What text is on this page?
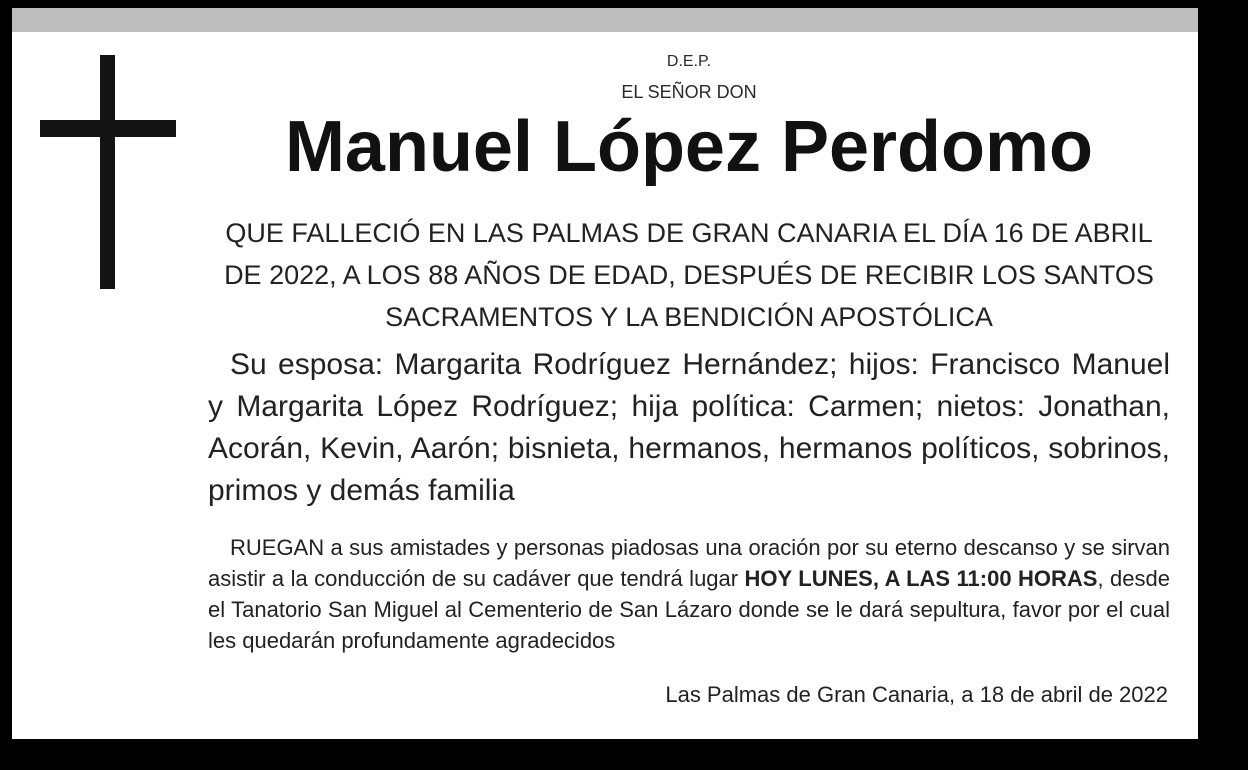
D.E.P.
EL SEÑOR DON
Manuel López Perdomo
QUE FALLECIÓ EN LAS PALMAS DE GRAN CANARIA EL DÍA 16 DE ABRIL DE 2022, A LOS 88 AÑOS DE EDAD, DESPUÉS DE RECIBIR LOS SANTOS SACRAMENTOS Y LA BENDICIÓN APOSTÓLICA
Su esposa: Margarita Rodríguez Hernández; hijos: Francisco Manuel y Margarita López Rodríguez; hija política: Carmen; nietos: Jonathan, Acorán, Kevin, Aarón; bisnieta, hermanos, hermanos políticos, sobrinos, primos y demás familia
RUEGAN a sus amistades y personas piadosas una oración por su eterno descanso y se sirvan asistir a la conducción de su cadáver que tendrá lugar HOY LUNES, A LAS 11:00 HORAS, desde el Tanatorio San Miguel al Cementerio de San Lázaro donde se le dará sepultura, favor por el cual les quedarán profundamente agradecidos
Las Palmas de Gran Canaria, a 18 de abril de 2022
